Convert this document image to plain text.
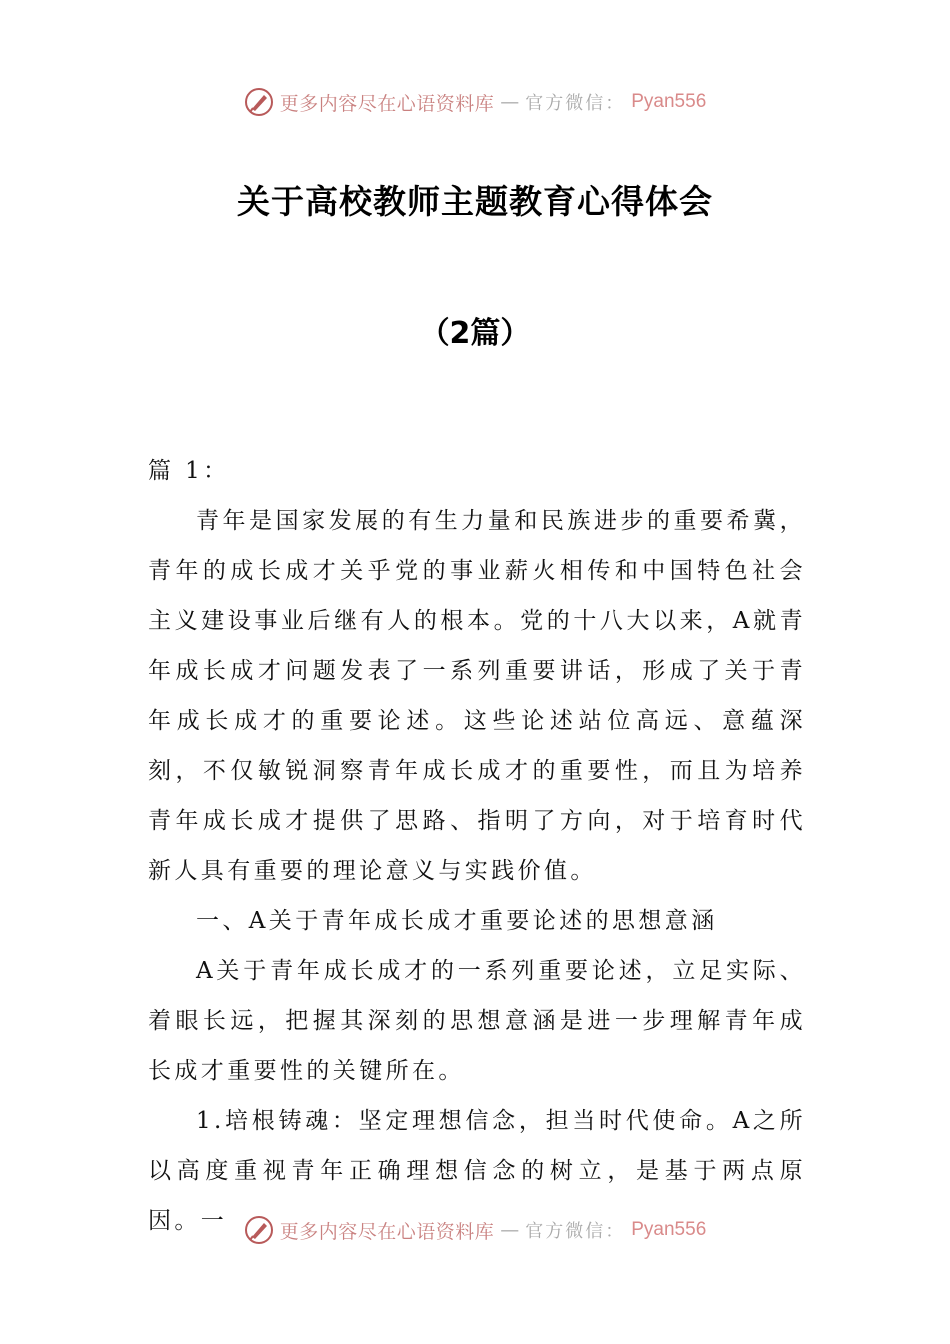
更多内容尽在心语资料库 — 官方微信： Pyan556
关于高校教师主题教育心得体会
（2篇）

篇 1：

青年是国家发展的有生力量和民族进步的重要希冀，青年的成长成才关乎党的事业薪火相传和中国特色社会主义建设事业后继有人的根本。党的十八大以来，A就青年成长成才问题发表了一系列重要讲话，形成了关于青年成长成才的重要论述。这些论述站位高远、意蕴深刻，不仅敏锐洞察青年成长成才的重要性，而且为培养青年成长成才提供了思路、指明了方向，对于培育时代新人具有重要的理论意义与实践价值。

一、A关于青年成长成才重要论述的思想意涵

A关于青年成长成才的一系列重要论述，立足实际、着眼长远，把握其深刻的思想意涵是进一步理解青年成长成才重要性的关键所在。

1.培根铸魂：坚定理想信念，担当时代使命。A之所以高度重视青年正确理想信念的树立，是基于两点原因。一	更多内容尽在心语资料库 — 官方微信： Pyan556
